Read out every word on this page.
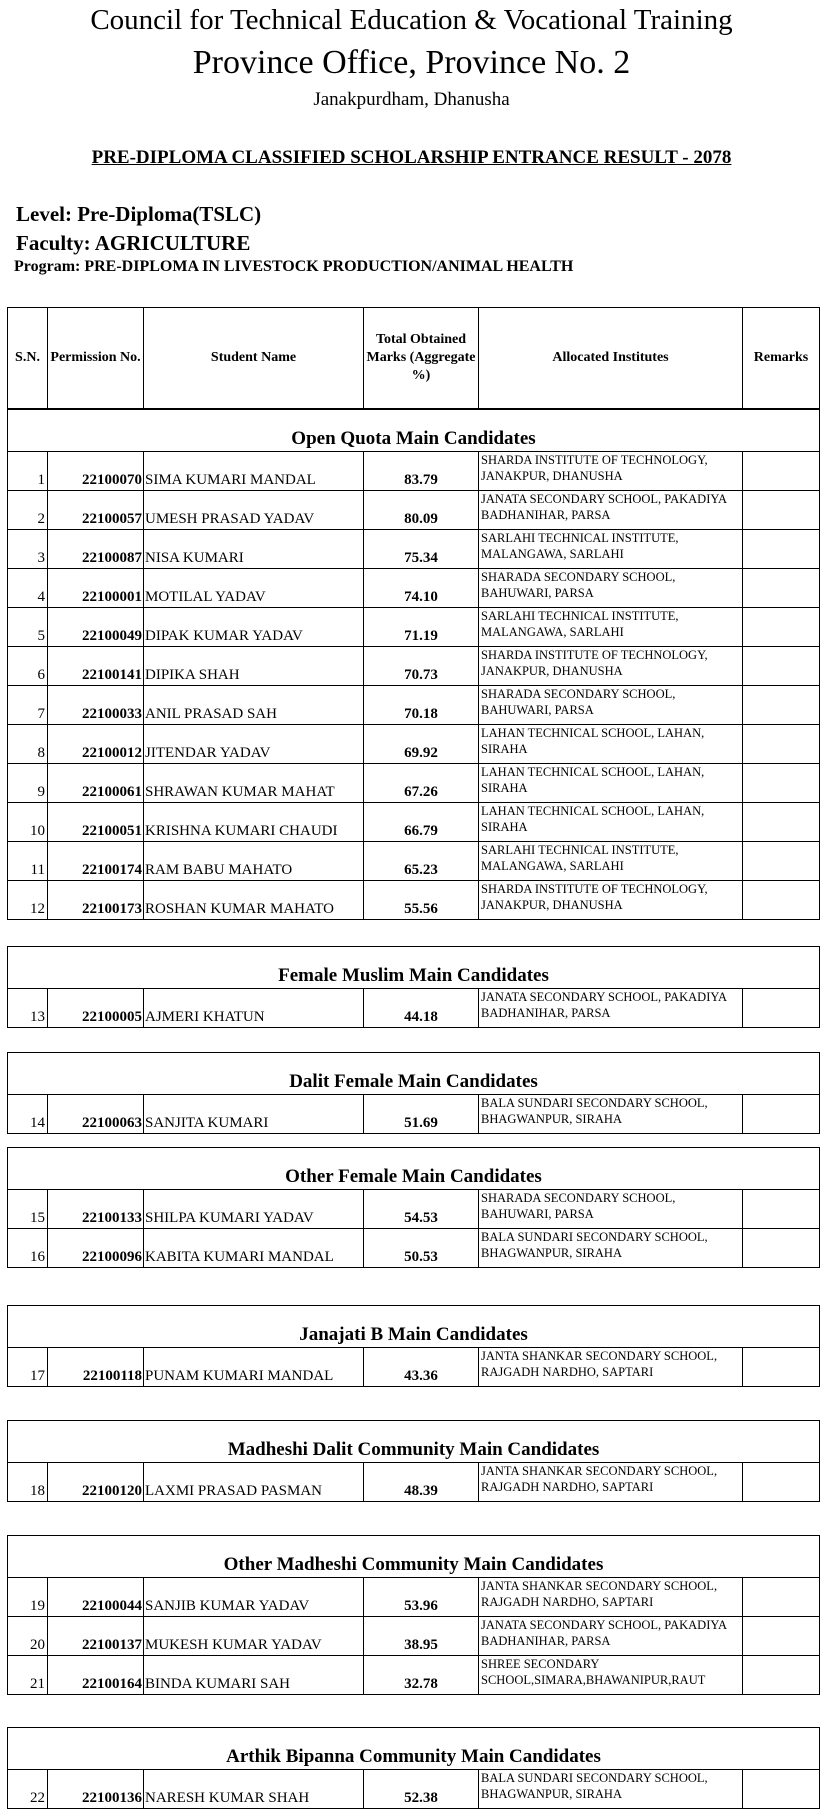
Council for Technical Education & Vocational Training
Province Office, Province No. 2
Janakpurdham, Dhanusha
PRE-DIPLOMA CLASSIFIED SCHOLARSHIP ENTRANCE RESULT - 2078
Level: Pre-Diploma(TSLC)
Faculty: AGRICULTURE
Program: PRE-DIPLOMA IN LIVESTOCK PRODUCTION/ANIMAL HEALTH
S.N.	Permission No.	Student Name	Total Obtained Marks (Aggregate %)	Allocated Institutes	Remarks
Open Quota Main Candidates					
1	22100070	SIMA KUMARI MANDAL	83.79	SHARDA INSTITUTE OF TECHNOLOGY, JANAKPUR, DHANUSHA	
2	22100057	UMESH PRASAD YADAV	80.09	JANATA SECONDARY SCHOOL, PAKADIYA BADHANIHAR, PARSA	
3	22100087	NISA KUMARI	75.34	SARLAHI TECHNICAL INSTITUTE, MALANGAWA, SARLAHI	
4	22100001	MOTILAL YADAV	74.10	SHARADA SECONDARY SCHOOL, BAHUWARI, PARSA	
5	22100049	DIPAK KUMAR YADAV	71.19	SARLAHI TECHNICAL INSTITUTE, MALANGAWA, SARLAHI	
6	22100141	DIPIKA SHAH	70.73	SHARDA INSTITUTE OF TECHNOLOGY, JANAKPUR, DHANUSHA	
7	22100033	ANIL PRASAD SAH	70.18	SHARADA SECONDARY SCHOOL, BAHUWARI, PARSA	
8	22100012	JITENDAR YADAV	69.92	LAHAN TECHNICAL SCHOOL, LAHAN, SIRAHA	
9	22100061	SHRAWAN KUMAR MAHAT	67.26	LAHAN TECHNICAL SCHOOL, LAHAN, SIRAHA	
10	22100051	KRISHNA KUMARI CHAUDI	66.79	LAHAN TECHNICAL SCHOOL, LAHAN, SIRAHA	
11	22100174	RAM BABU MAHATO	65.23	SARLAHI TECHNICAL INSTITUTE, MALANGAWA, SARLAHI	
12	22100173	ROSHAN KUMAR MAHATO	55.56	SHARDA INSTITUTE OF TECHNOLOGY, JANAKPUR, DHANUSHA	
Female Muslim Main Candidates
13	22100005	AJMERI KHATUN	44.18	JANATA SECONDARY SCHOOL, PAKADIYA BADHANIHAR, PARSA	
Dalit Female Main Candidates
14	22100063	SANJITA KUMARI	51.69	BALA SUNDARI SECONDARY SCHOOL, BHAGWANPUR, SIRAHA	
Other Female Main Candidates					
15	22100133	SHILPA KUMARI YADAV	54.53	SHARADA SECONDARY SCHOOL, BAHUWARI, PARSA	
16	22100096	KABITA KUMARI MANDAL	50.53	BALA SUNDARI SECONDARY SCHOOL, BHAGWANPUR, SIRAHA	
Janajati B Main Candidates
17	22100118	PUNAM KUMARI MANDAL	43.36	JANTA SHANKAR SECONDARY SCHOOL, RAJGADH NARDHO, SAPTARI	
Madheshi Dalit Community Main Candidates
18	22100120	LAXMI PRASAD PASMAN	48.39	JANTA SHANKAR SECONDARY SCHOOL, RAJGADH NARDHO, SAPTARI	
Other Madheshi Community Main Candidates					
19	22100044	SANJIB KUMAR YADAV	53.96	JANTA SHANKAR SECONDARY SCHOOL, RAJGADH NARDHO, SAPTARI	
20	22100137	MUKESH KUMAR YADAV	38.95	JANATA SECONDARY SCHOOL, PAKADIYA BADHANIHAR, PARSA	
21	22100164	BINDA KUMARI SAH	32.78	SHREE SECONDARY SCHOOL,SIMARA,BHAWANIPUR,RAUT	
Arthik Bipanna Community Main Candidates
22	22100136	NARESH KUMAR SHAH	52.38	BALA SUNDARI SECONDARY SCHOOL, BHAGWANPUR, SIRAHA	
